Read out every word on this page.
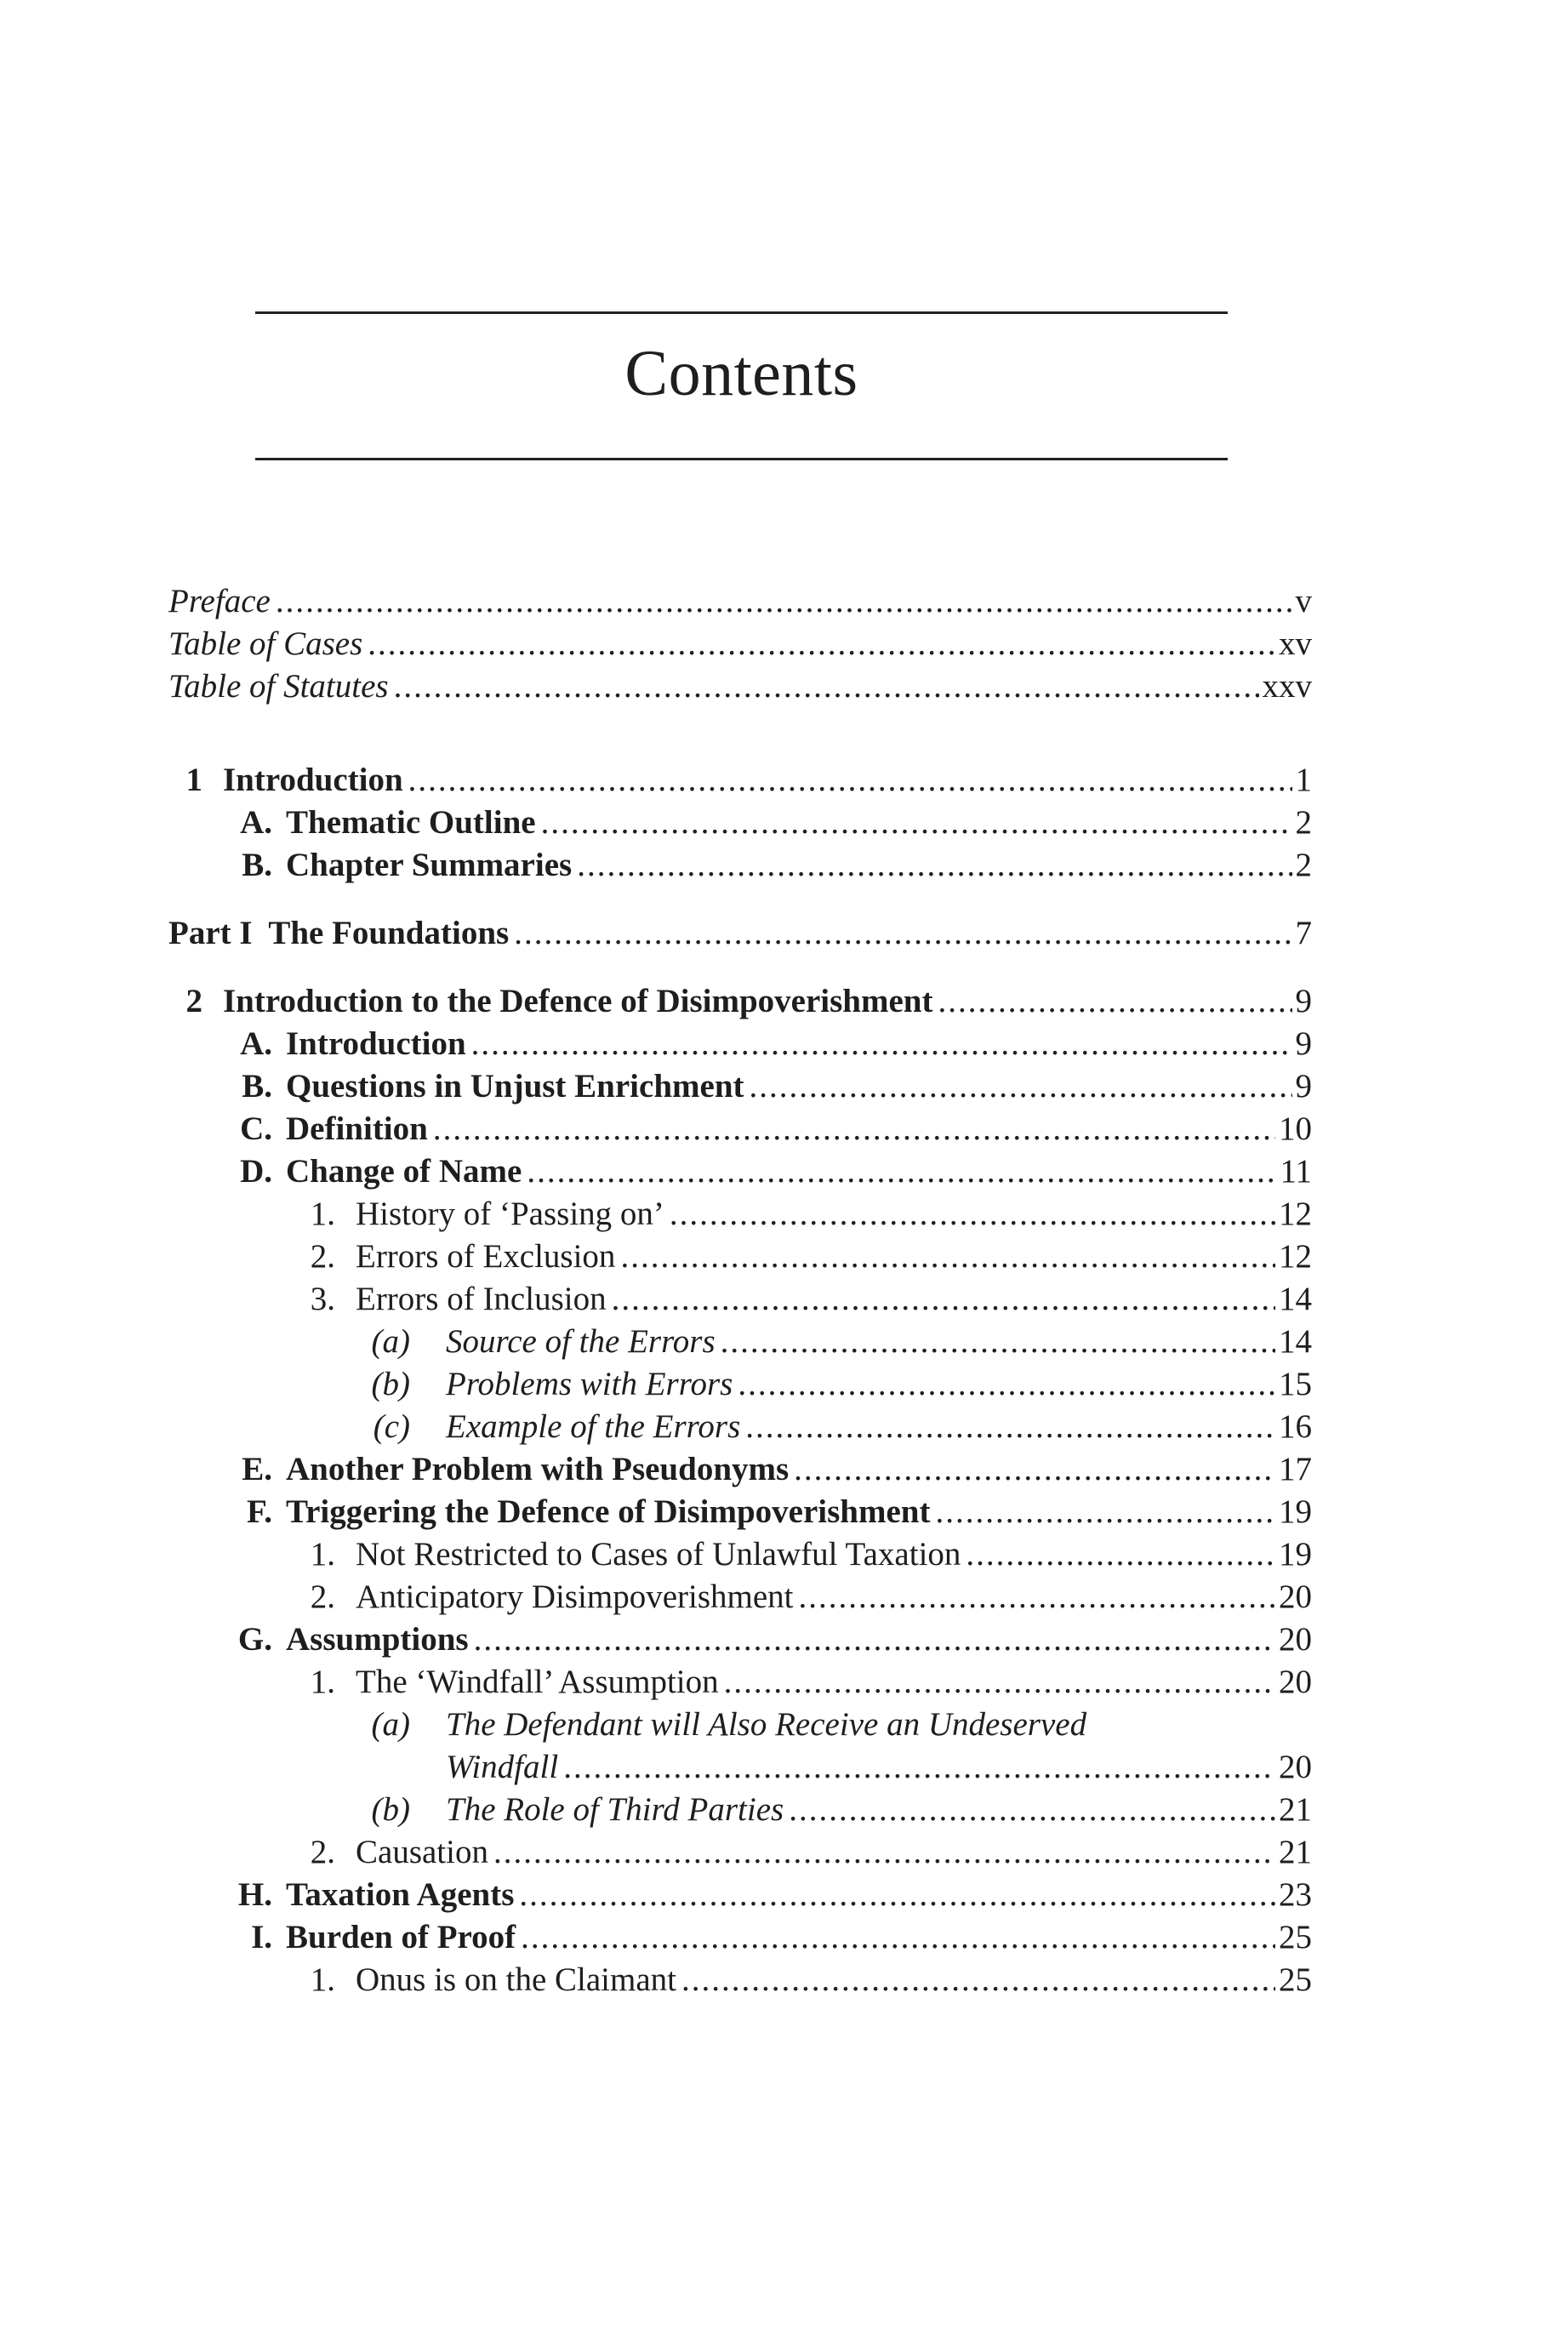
Contents
Preface .....	v
Table of Cases .....	xv
Table of Statutes .....	xxv
1 Introduction .....	1
A. Thematic Outline .....	2
B. Chapter Summaries .....	2
Part I  The Foundations .....	7
2 Introduction to the Defence of Disimpoverishment .....	9
A. Introduction .....	9
B. Questions in Unjust Enrichment .....	9
C. Definition .....	10
D. Change of Name .....	11
1. History of ‘Passing on’ .....	12
2. Errors of Exclusion .....	12
3. Errors of Inclusion .....	14
(a) Source of the Errors .....	14
(b) Problems with Errors .....	15
(c) Example of the Errors .....	16
E. Another Problem with Pseudonyms .....	17
F. Triggering the Defence of Disimpoverishment .....	19
1. Not Restricted to Cases of Unlawful Taxation .....	19
2. Anticipatory Disimpoverishment .....	20
G. Assumptions .....	20
1. The ‘Windfall’ Assumption .....	20
(a) The Defendant will Also Receive an Undeserved
Windfall .....	20
(b) The Role of Third Parties .....	21
2. Causation .....	21
H. Taxation Agents .....	23
I. Burden of Proof .....	25
1. Onus is on the Claimant .....	25
